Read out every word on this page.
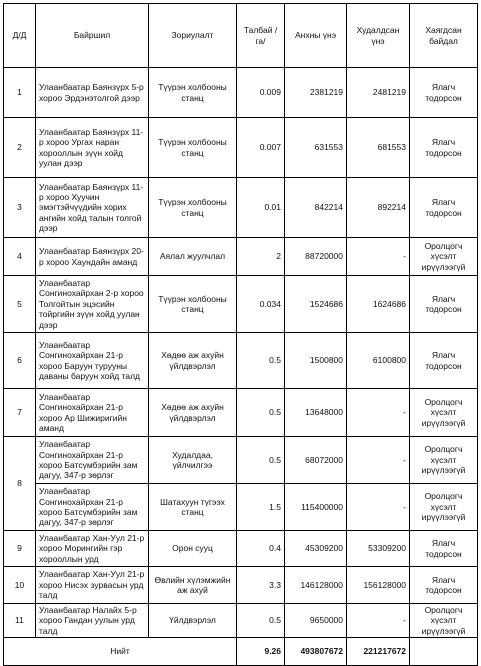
Д/Д	Байршил	Зориулалт	Талбай /га/	Анхны үнэ	Худалдсан үнэ	Хаягдсан байдал
1	Улаанбаатар Баянзүрх 5-р хороо Эрдэнэтолгой дээр	Түүрэн холбооны станц	0.009	2381219	2481219	Ялагч тодорсон
2	Улаанбаатар Баянзүрх 11-р хороо Ургах наран хорооллын зүүн хойд уулан дээр	Түүрэн холбооны станц	0.007	631553	681553	Ялагч тодорсон
3	Улаанбаатар Баянзүрх 11-р хороо Хуучин эмэгтэйчүүдийн хорих ангийн хойд талын толгой дээр	Түүрэн холбооны станц	0.01	842214	892214	Ялагч тодорсон
4	Улаанбаатар Баянзүрх 20-р хороо Хаундайн аманд	Аялал жуулчлал	2	88720000	-	Оролцогч хүсэлт ирүүлээгүй
5	Улаанбаатар Сонгинохайрхан 2-р хороо Толгойтын эцэсийн тойргийн зүүн хойд уулан дээр	Түүрэн холбооны станц	0.034	1524686	1624686	Ялагч тодорсон
6	Улаанбаатар Сонгинохайрхан 21-р хороо Баруун турууны даваны баруун хойд талд	Хөдөө аж ахуйн үйлдвэрлэл	0.5	1500800	6100800	Ялагч тодорсон
7	Улаанбаатар Сонгинохайрхан 21-р хороо Ар Шижиригийн аманд	Хөдөө аж ахуйн үйлдвэрлэл	0.5	13648000	-	Оролцогч хүсэлт ирүүлээгүй
8	Улаанбаатар Сонгинохайрхан 21-р хороо Батсүмбэрийн зам дагуу, 347-р зөрлэг	Худалдаа, үйлчилгээ	0.5	68072000	-	Оролцогч хүсэлт ирүүлээгүй
	Улаанбаатар Сонгинохайрхан 21-р хороо Батсүмбэрийн зам дагуу, 347-р зөрлэг	Шатахуун түгээх станц	1.5	115400000	-	Оролцогч хүсэлт ирүүлээгүй
9	Улаанбаатар Хан-Уул 21-р хороо Морингийн гэр хорооллын урд	Орон сууц	0.4	45309200	53309200	Ялагч тодорсон
10	Улаанбаатар Хан-Уул 21-р хороо Нисэх зурвасын урд талд	Өвлийн хүлэмжийн аж ахуй	3.3	146128000	156128000	Ялагч тодорсон
11	Улаанбаатар Налайх 5-р хороо Гандан уулын урд талд	Үйлдвэрлэл	0.5	9650000	-	Оролцогч хүсэлт ирүүлээгүй
Нийт			9.26	493807672	221217672	
